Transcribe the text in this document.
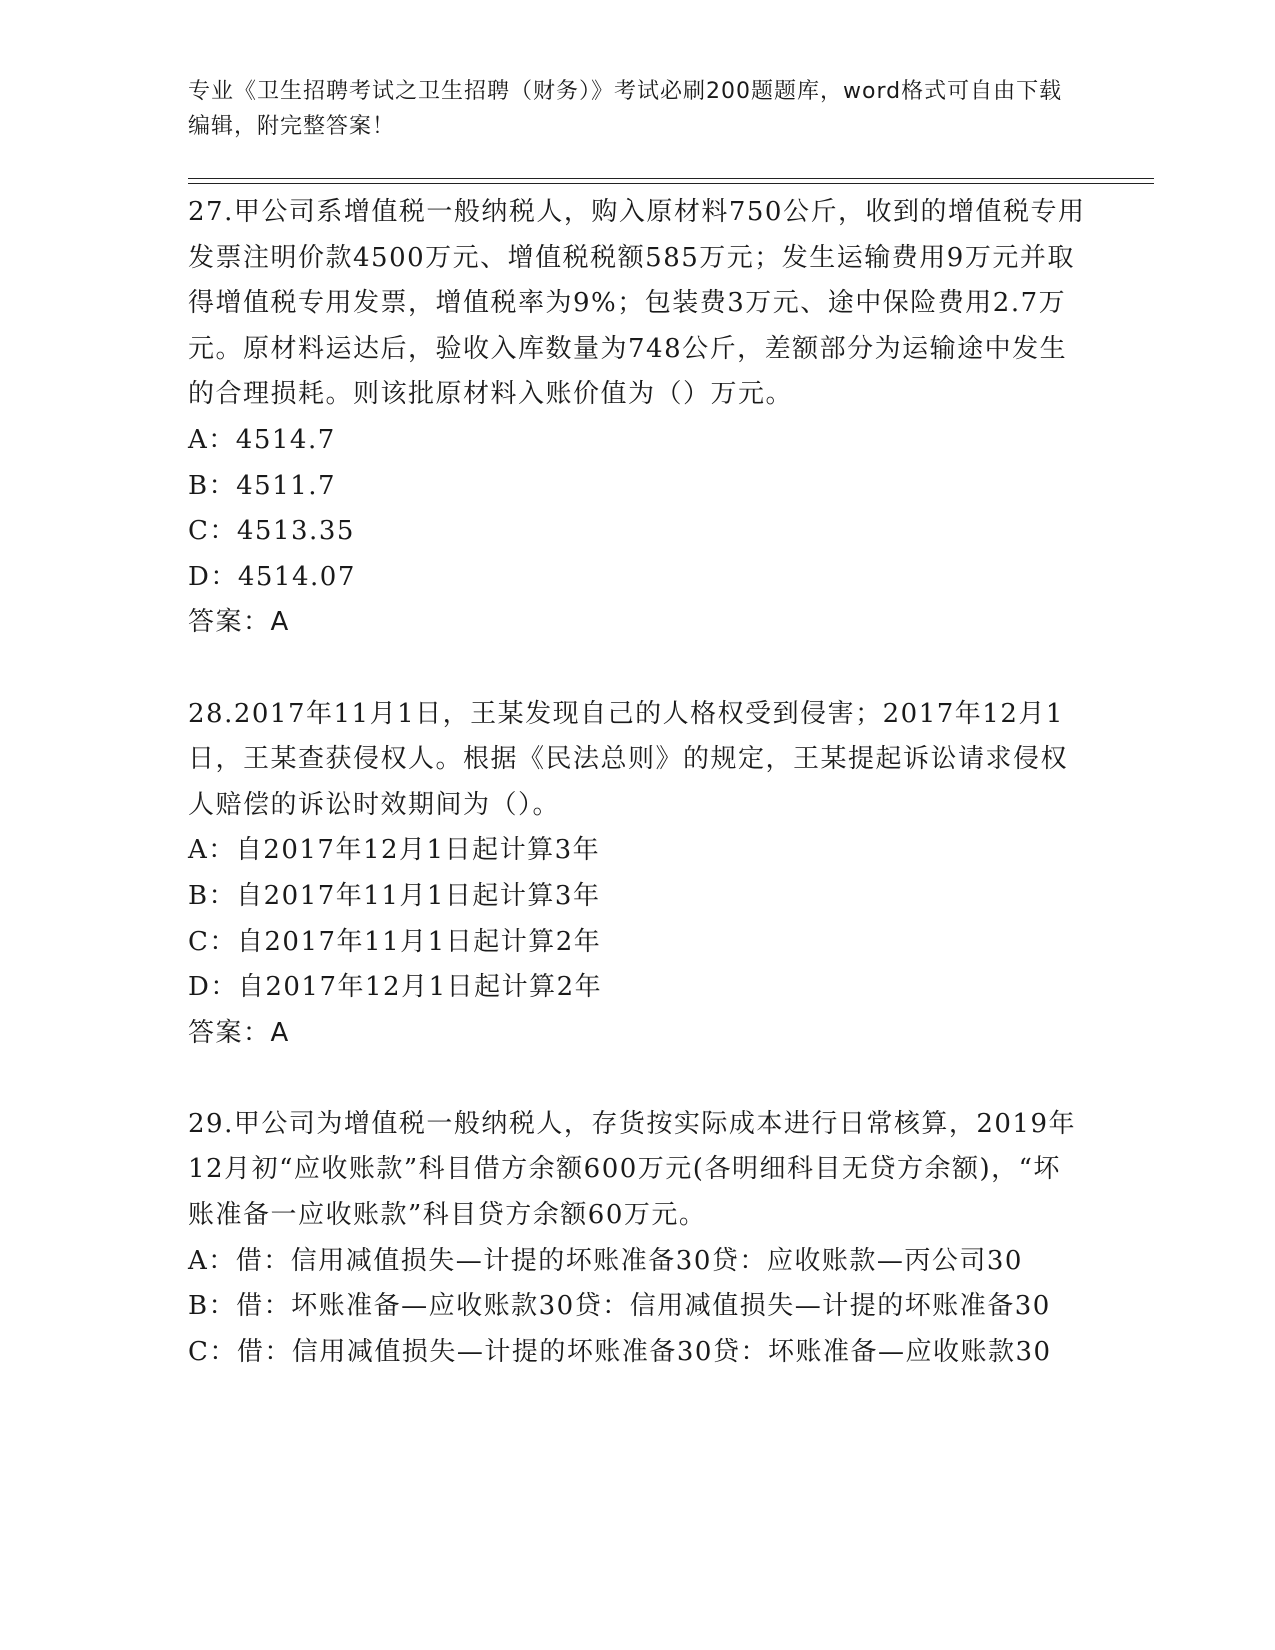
专业《卫生招聘考试之卫生招聘（财务）》考试必刷200题题库，word格式可自由下载编辑，附完整答案！

27.甲公司系增值税一般纳税人，购入原材料750公斤，收到的增值税专用发票注明价款4500万元、增值税税额585万元；发生运输费用9万元并取得增值税专用发票，增值税率为9%；包装费3万元、途中保险费用2.7万元。原材料运达后，验收入库数量为748公斤，差额部分为运输途中发生的合理损耗。则该批原材料入账价值为（）万元。

A：4514.7

B：4511.7

C：4513.35

D：4514.07

答案：A

28.2017年11月1日，王某发现自己的人格权受到侵害；2017年12月1日，王某查获侵权人。根据《民法总则》的规定，王某提起诉讼请求侵权人赔偿的诉讼时效期间为（）。

A：自2017年12月1日起计算3年

B：自2017年11月1日起计算3年

C：自2017年11月1日起计算2年

D：自2017年12月1日起计算2年

答案：A

29.甲公司为增值税一般纳税人，存货按实际成本进行日常核算，2019年12月初“应收账款”科目借方余额600万元(各明细科目无贷方余额)，“坏账准备一应收账款”科目贷方余额60万元。

A：借：信用减值损失—计提的坏账准备30贷：应收账款—丙公司30

B：借：坏账准备—应收账款30贷：信用减值损失—计提的坏账准备30

C：借：信用减值损失—计提的坏账准备30贷：坏账准备—应收账款30
